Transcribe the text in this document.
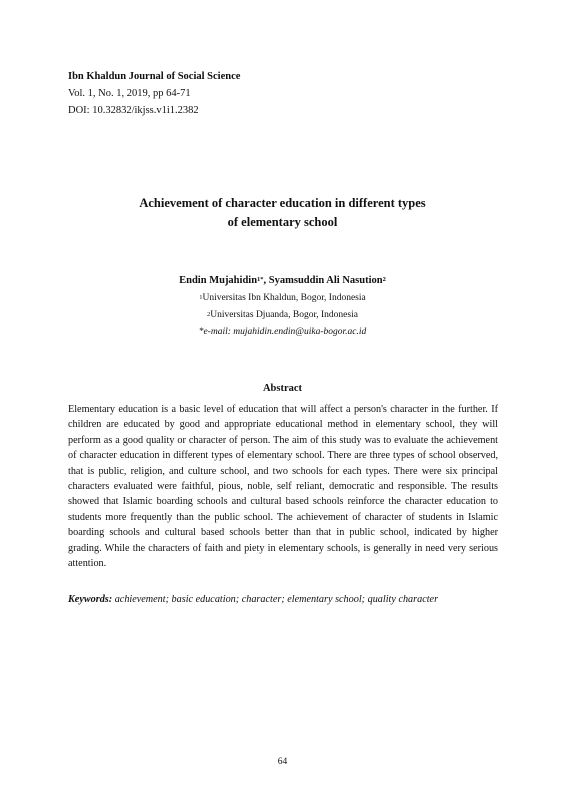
Ibn Khaldun Journal of Social Science
Vol. 1, No. 1, 2019, pp 64-71
DOI: 10.32832/ikjss.v1i1.2382
Achievement of character education in different types
of elementary school
Endin Mujahidin$^{1*}$, Syamsuddin Ali Nasution$^2$
$^1$Universitas Ibn Khaldun, Bogor, Indonesia
$^2$Universitas Djuanda, Bogor, Indonesia
*e-mail: mujahidin.endin@uika-bogor.ac.id
Abstract
Elementary education is a basic level of education that will affect a person's character in the further. If children are educated by good and appropriate educational method in elementary school, they will perform as a good quality or character of person. The aim of this study was to evaluate the achievement of character education in different types of elementary school. There are three types of school observed, that is public, religion, and culture school, and two schools for each types. There were six principal characters evaluated were faithful, pious, noble, self reliant, democratic and responsible. The results showed that Islamic boarding schools and cultural based schools reinforce the character education to students more frequently than the public school. The achievement of character of students in Islamic boarding schools and cultural based schools better than that in public school, indicated by higher grading. While the characters of faith and piety in elementary schools, is generally in need very serious attention.
Keywords: achievement; basic education; character; elementary school; quality character
64
